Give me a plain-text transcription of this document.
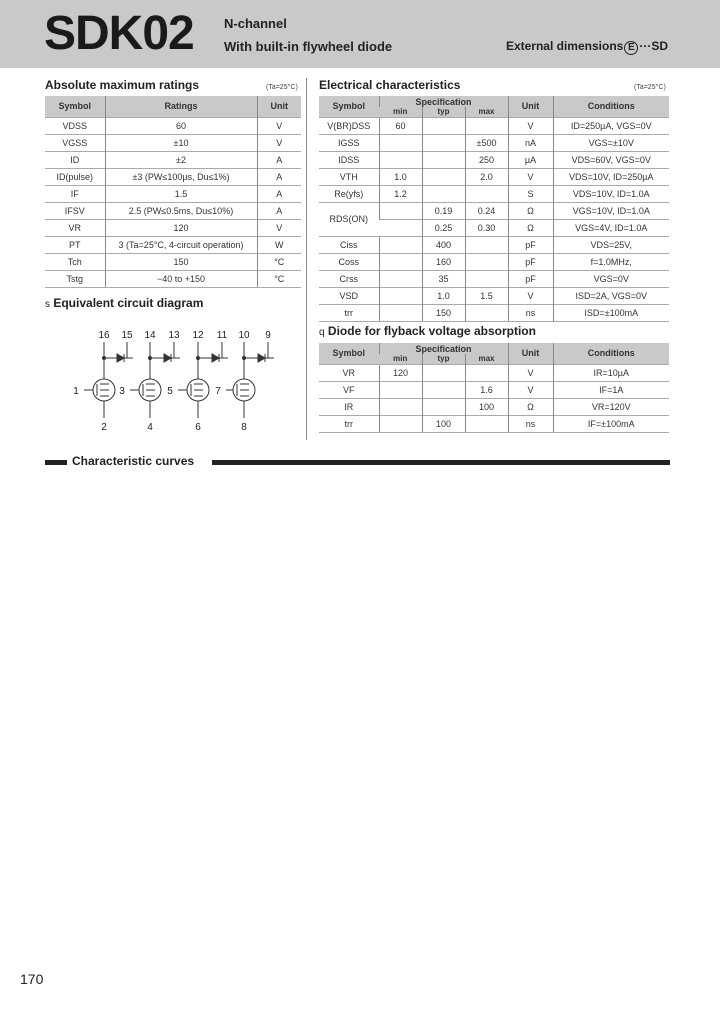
SDK02 N-channel
With built-in flywheel diode	External dimensions E ···SD
Absolute maximum ratings	(Ta=25°C)
Symbol	Ratings	Unit
VDSS	60	V
VGSS	±10	V
ID	±2	A
ID(pulse)	±3 (PW≤100µs, Du≤1%)	A
IF	1.5	A
IFSV	2.5 (PW≤0.5ms, Du≤10%)	A
VR	120	V
PT	3 (Ta=25°C, 4-circuit operation)	W
Tch	150	°C
Tstg	−40 to +150	°C
s Equivalent circuit diagram
16 15 14 13 12 11 10 9
1	3	5	7
2	4	6	8
Electrical characteristics	(Ta=25°C)
Symbol	Specification			Unit	Conditions
	min	typ	max		
V(BR)DSS	60			V	ID=250µA, VGS=0V
IGSS			±500	nA	VGS=±10V
IDSS			250	µA	VDS=60V, VGS=0V
VTH	1.0		2.0	V	VDS=10V, ID=250µA
Re(yfs)	1.2			S	VDS=10V, ID=1.0A
RDS(ON)		0.19	0.24	Ω	VGS=10V, ID=1.0A
		0.25	0.30	Ω	VGS=4V, ID=1.0A
Ciss		400		pF	VDS=25V,
Coss		160		pF	f=1.0MHz,
Crss		35		pF	VGS=0V
VSD		1.0	1.5	V	ISD=2A, VGS=0V
trr		150		ns	ISD=±100mA
q Diode for flyback voltage absorption
Symbol	Specification			Unit	Conditions
	min	typ	max		
VR	120			V	IR=10µA
VF			1.6	V	IF=1A
IR			100	Ω	VR=120V
trr		100		ns	IF=±100mA
Characteristic curves
170
